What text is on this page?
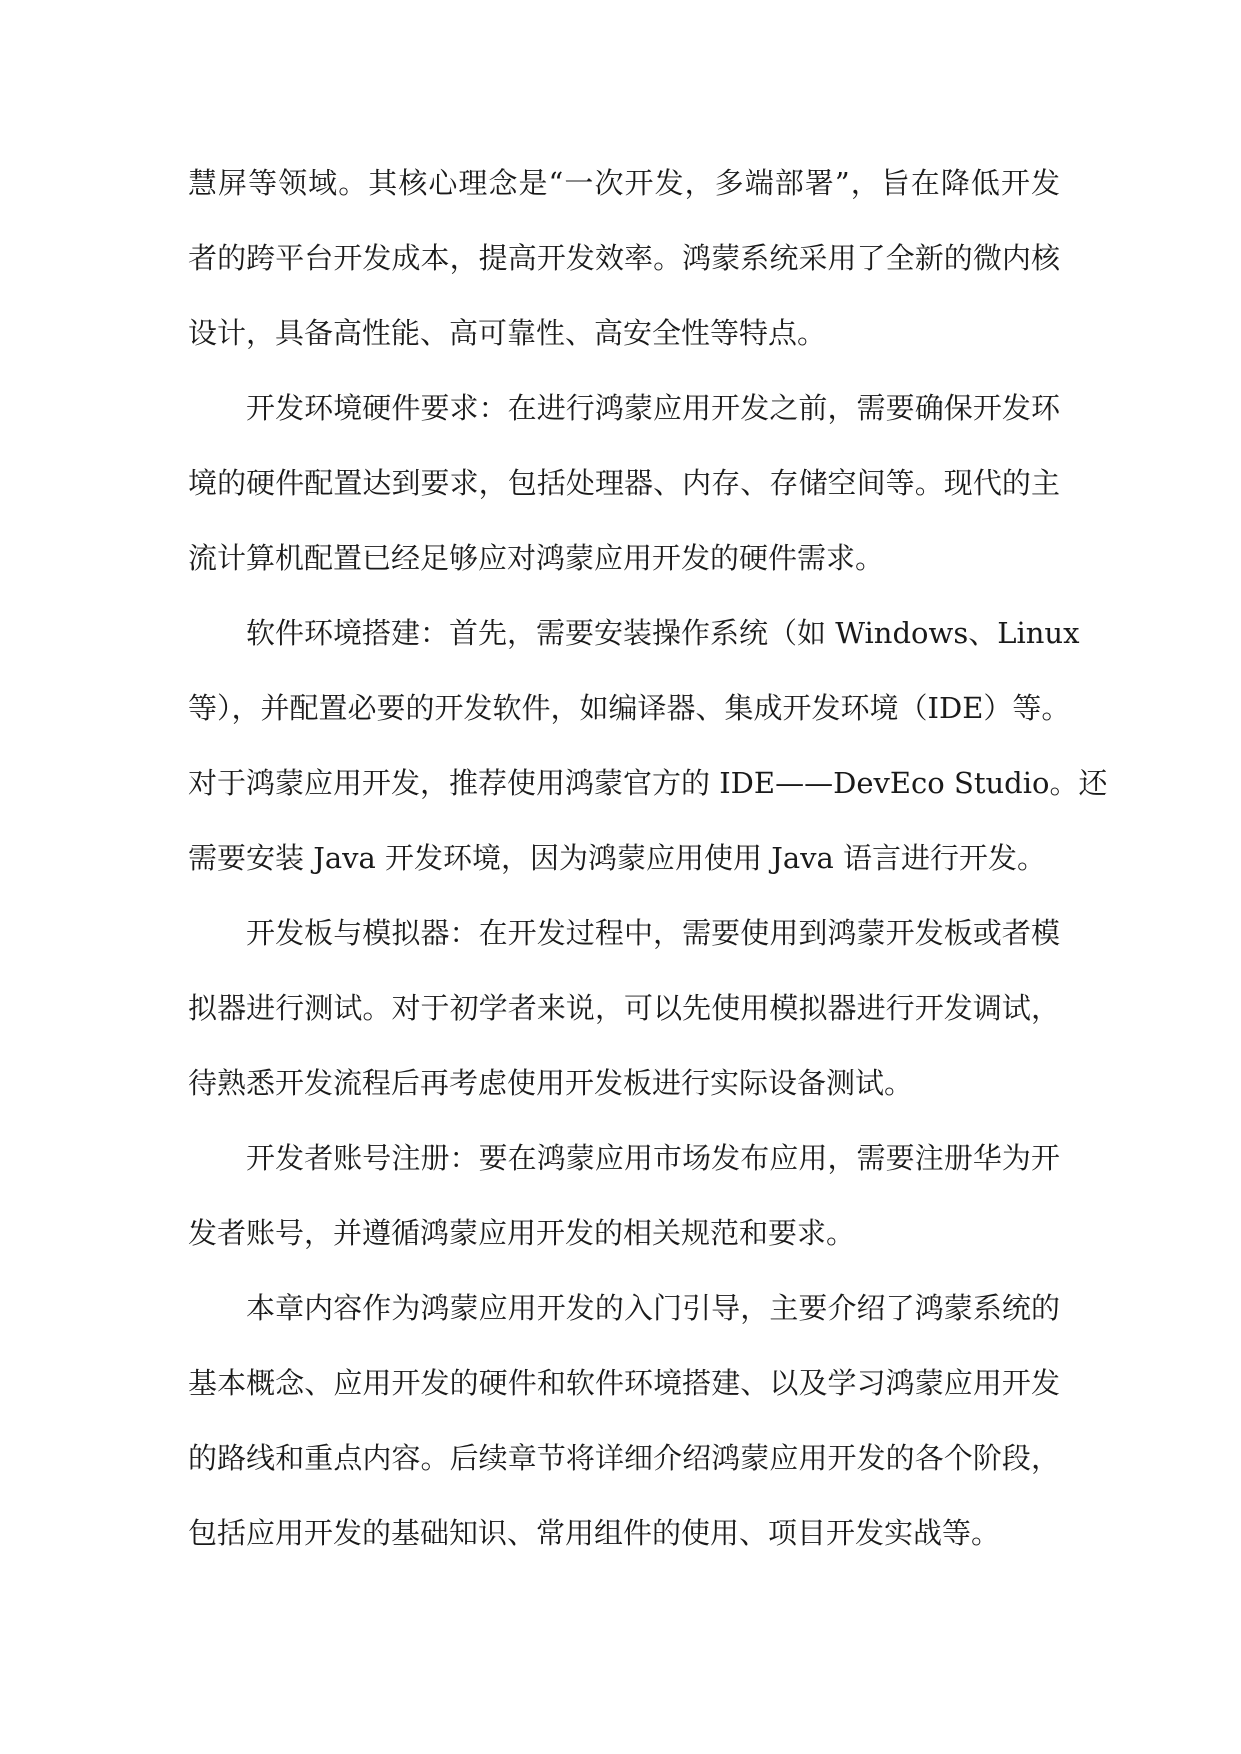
慧屏等领域。其核心理念是“一次开发，多端部署”，旨在降低开发
者的跨平台开发成本，提高开发效率。鸿蒙系统采用了全新的微内核
设计，具备高性能、高可靠性、高安全性等特点。
开发环境硬件要求：在进行鸿蒙应用开发之前，需要确保开发环
境的硬件配置达到要求，包括处理器、内存、存储空间等。现代的主
流计算机配置已经足够应对鸿蒙应用开发的硬件需求。
软件环境搭建：首先，需要安装操作系统（如 Windows、Linux
等），并配置必要的开发软件，如编译器、集成开发环境（IDE）等。
对于鸿蒙应用开发，推荐使用鸿蒙官方的 IDE——DevEco Studio。还
需要安装 Java 开发环境，因为鸿蒙应用使用 Java 语言进行开发。
开发板与模拟器：在开发过程中，需要使用到鸿蒙开发板或者模
拟器进行测试。对于初学者来说，可以先使用模拟器进行开发调试，
待熟悉开发流程后再考虑使用开发板进行实际设备测试。
开发者账号注册：要在鸿蒙应用市场发布应用，需要注册华为开
发者账号，并遵循鸿蒙应用开发的相关规范和要求。
本章内容作为鸿蒙应用开发的入门引导，主要介绍了鸿蒙系统的
基本概念、应用开发的硬件和软件环境搭建、以及学习鸿蒙应用开发
的路线和重点内容。后续章节将详细介绍鸿蒙应用开发的各个阶段，
包括应用开发的基础知识、常用组件的使用、项目开发实战等。
